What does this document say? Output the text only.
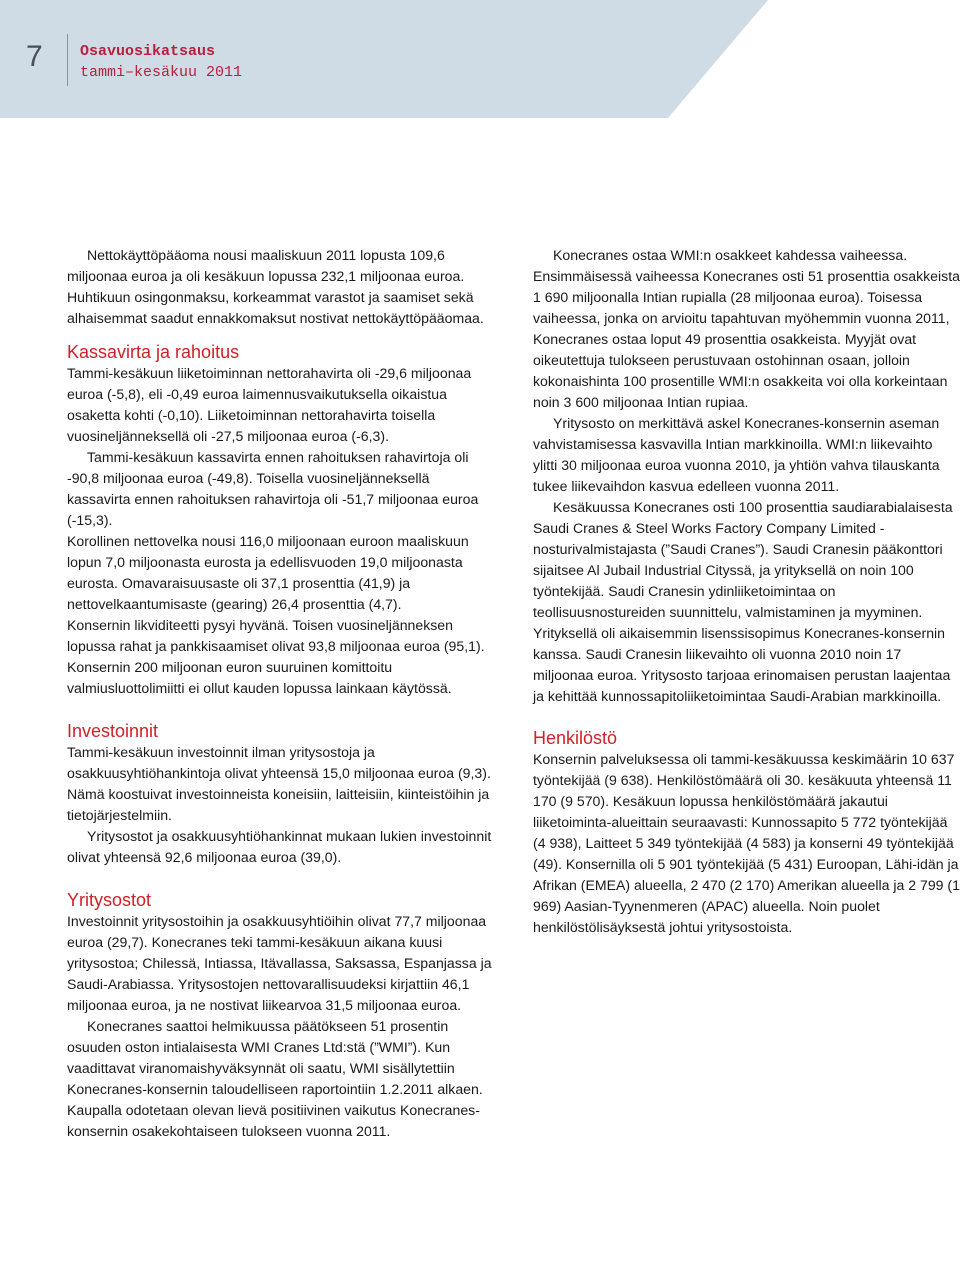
7 Osavuosikatsaus
tammi–kesäkuu 2011

Nettokäyttöpääoma nousi maaliskuun 2011 lopusta 109,6 miljoonaa euroa ja oli kesäkuun lopussa 232,1 miljoonaa euroa. Huhtikuun osingonmaksu, korkeammat varastot ja saamiset sekä alhaisemmat saadut ennakkomaksut nostivat nettokäyttöpääomaa.

Kassavirta ja rahoitus

Tammi-kesäkuun liiketoiminnan nettorahavirta oli -29,6 miljoonaa euroa (-5,8), eli -0,49 euroa laimennusvaikutuksella oikaistua osaketta kohti (-0,10). Liiketoiminnan nettorahavirta toisella vuosineljänneksellä oli -27,5 miljoonaa euroa (-6,3).

Tammi-kesäkuun kassavirta ennen rahoituksen rahavirtoja oli -90,8 miljoonaa euroa (-49,8). Toisella vuosineljänneksellä kassavirta ennen rahoituksen rahavirtoja oli -51,7 miljoonaa euroa (-15,3).

Korollinen nettovelka nousi 116,0 miljoonaan euroon maaliskuun lopun 7,0 miljoonasta eurosta ja edellisvuoden 19,0 miljoonasta eurosta. Omavaraisuusaste oli 37,1 prosenttia (41,9) ja nettovelkaantumisaste (gearing) 26,4 prosenttia (4,7).

Konsernin likviditeetti pysyi hyvänä. Toisen vuosineljänneksen lopussa rahat ja pankkisaamiset olivat 93,8 miljoonaa euroa (95,1). Konsernin 200 miljoonan euron suuruinen komittoitu valmiusluottolimiitti ei ollut kauden lopussa lainkaan käytössä.

Investoinnit

Tammi-kesäkuun investoinnit ilman yritysostoja ja osakkuusyhtiöhankintoja olivat yhteensä 15,0 miljoonaa euroa (9,3). Nämä koostuivat investoinneista koneisiin, laitteisiin, kiinteistöihin ja tietojärjestelmiin.

Yritysostot ja osakkuusyhtiöhankinnat mukaan lukien investoinnit olivat yhteensä 92,6 miljoonaa euroa (39,0).

Yritysostot

Investoinnit yritysostoihin ja osakkuusyhtiöihin olivat 77,7 miljoonaa euroa (29,7). Konecranes teki tammi-kesäkuun aikana kuusi yritysostoa; Chilessä, Intiassa, Itävallassa, Saksassa, Espanjassa ja Saudi-Arabiassa. Yritysostojen nettovarallisuudeksi kirjattiin 46,1 miljoonaa euroa, ja ne nostivat liikearvoa 31,5 miljoonaa euroa.

Konecranes saattoi helmikuussa päätökseen 51 prosentin osuuden oston intialaisesta WMI Cranes Ltd:stä (”WMI”). Kun vaadittavat viranomaishyväksynnät oli saatu, WMI sisällytettiin Konecranes-konsernin taloudelliseen raportointiin 1.2.2011 alkaen. Kaupalla odotetaan olevan lievä positiivinen vaikutus Konecranes-konsernin osakekohtaiseen tulokseen vuonna 2011.

Konecranes ostaa WMI:n osakkeet kahdessa vaiheessa. Ensimmäisessä vaiheessa Konecranes osti 51 prosenttia osakkeista 1 690 miljoonalla Intian rupialla (28 miljoonaa euroa). Toisessa vaiheessa, jonka on arvioitu tapahtuvan myöhemmin vuonna 2011, Konecranes ostaa loput 49 prosenttia osakkeista. Myyjät ovat oikeutettuja tulokseen perustuvaan ostohinnan osaan, jolloin kokonaishinta 100 prosentille WMI:n osakkeita voi olla korkeintaan noin 3 600 miljoonaa Intian rupiaa.

Yritysosto on merkittävä askel Konecranes-konsernin aseman vahvistamisessa kasvavilla Intian markkinoilla. WMI:n liikevaihto ylitti 30 miljoonaa euroa vuonna 2010, ja yhtiön vahva tilauskanta tukee liikevaihdon kasvua edelleen vuonna 2011.

Kesäkuussa Konecranes osti 100 prosenttia saudiarabialaisesta Saudi Cranes & Steel Works Factory Company Limited -nosturivalmistajasta (”Saudi Cranes”). Saudi Cranesin pääkonttori sijaitsee Al Jubail Industrial Cityssä, ja yrityksellä on noin 100 työntekijää. Saudi Cranesin ydinliiketoimintaa on teollisuusnostureiden suunnittelu, valmistaminen ja myyminen. Yrityksellä oli aikaisemmin lisenssisopimus Konecranes-konsernin kanssa. Saudi Cranesin liikevaihto oli vuonna 2010 noin 17 miljoonaa euroa. Yritysosto tarjoaa erinomaisen perustan laajentaa ja kehittää kunnossapitoliiketoimintaa Saudi-Arabian markkinoilla.

Henkilöstö

Konsernin palveluksessa oli tammi-kesäkuussa keskimäärin 10 637 työntekijää (9 638). Henkilöstömäärä oli 30. kesäkuuta yhteensä 11 170 (9 570). Kesäkuun lopussa henkilöstömäärä jakautui liiketoiminta-alueittain seuraavasti: Kunnossapito 5 772 työntekijää (4 938), Laitteet 5 349 työntekijää (4 583) ja konserni 49 työntekijää (49). Konsernilla oli 5 901 työntekijää (5 431) Euroopan, Lähi-idän ja Afrikan (EMEA) alueella, 2 470 (2 170) Amerikan alueella ja 2 799 (1 969) Aasian-Tyynenmeren (APAC) alueella. Noin puolet henkilöstölisäyksestä johtui yritysostoista.
